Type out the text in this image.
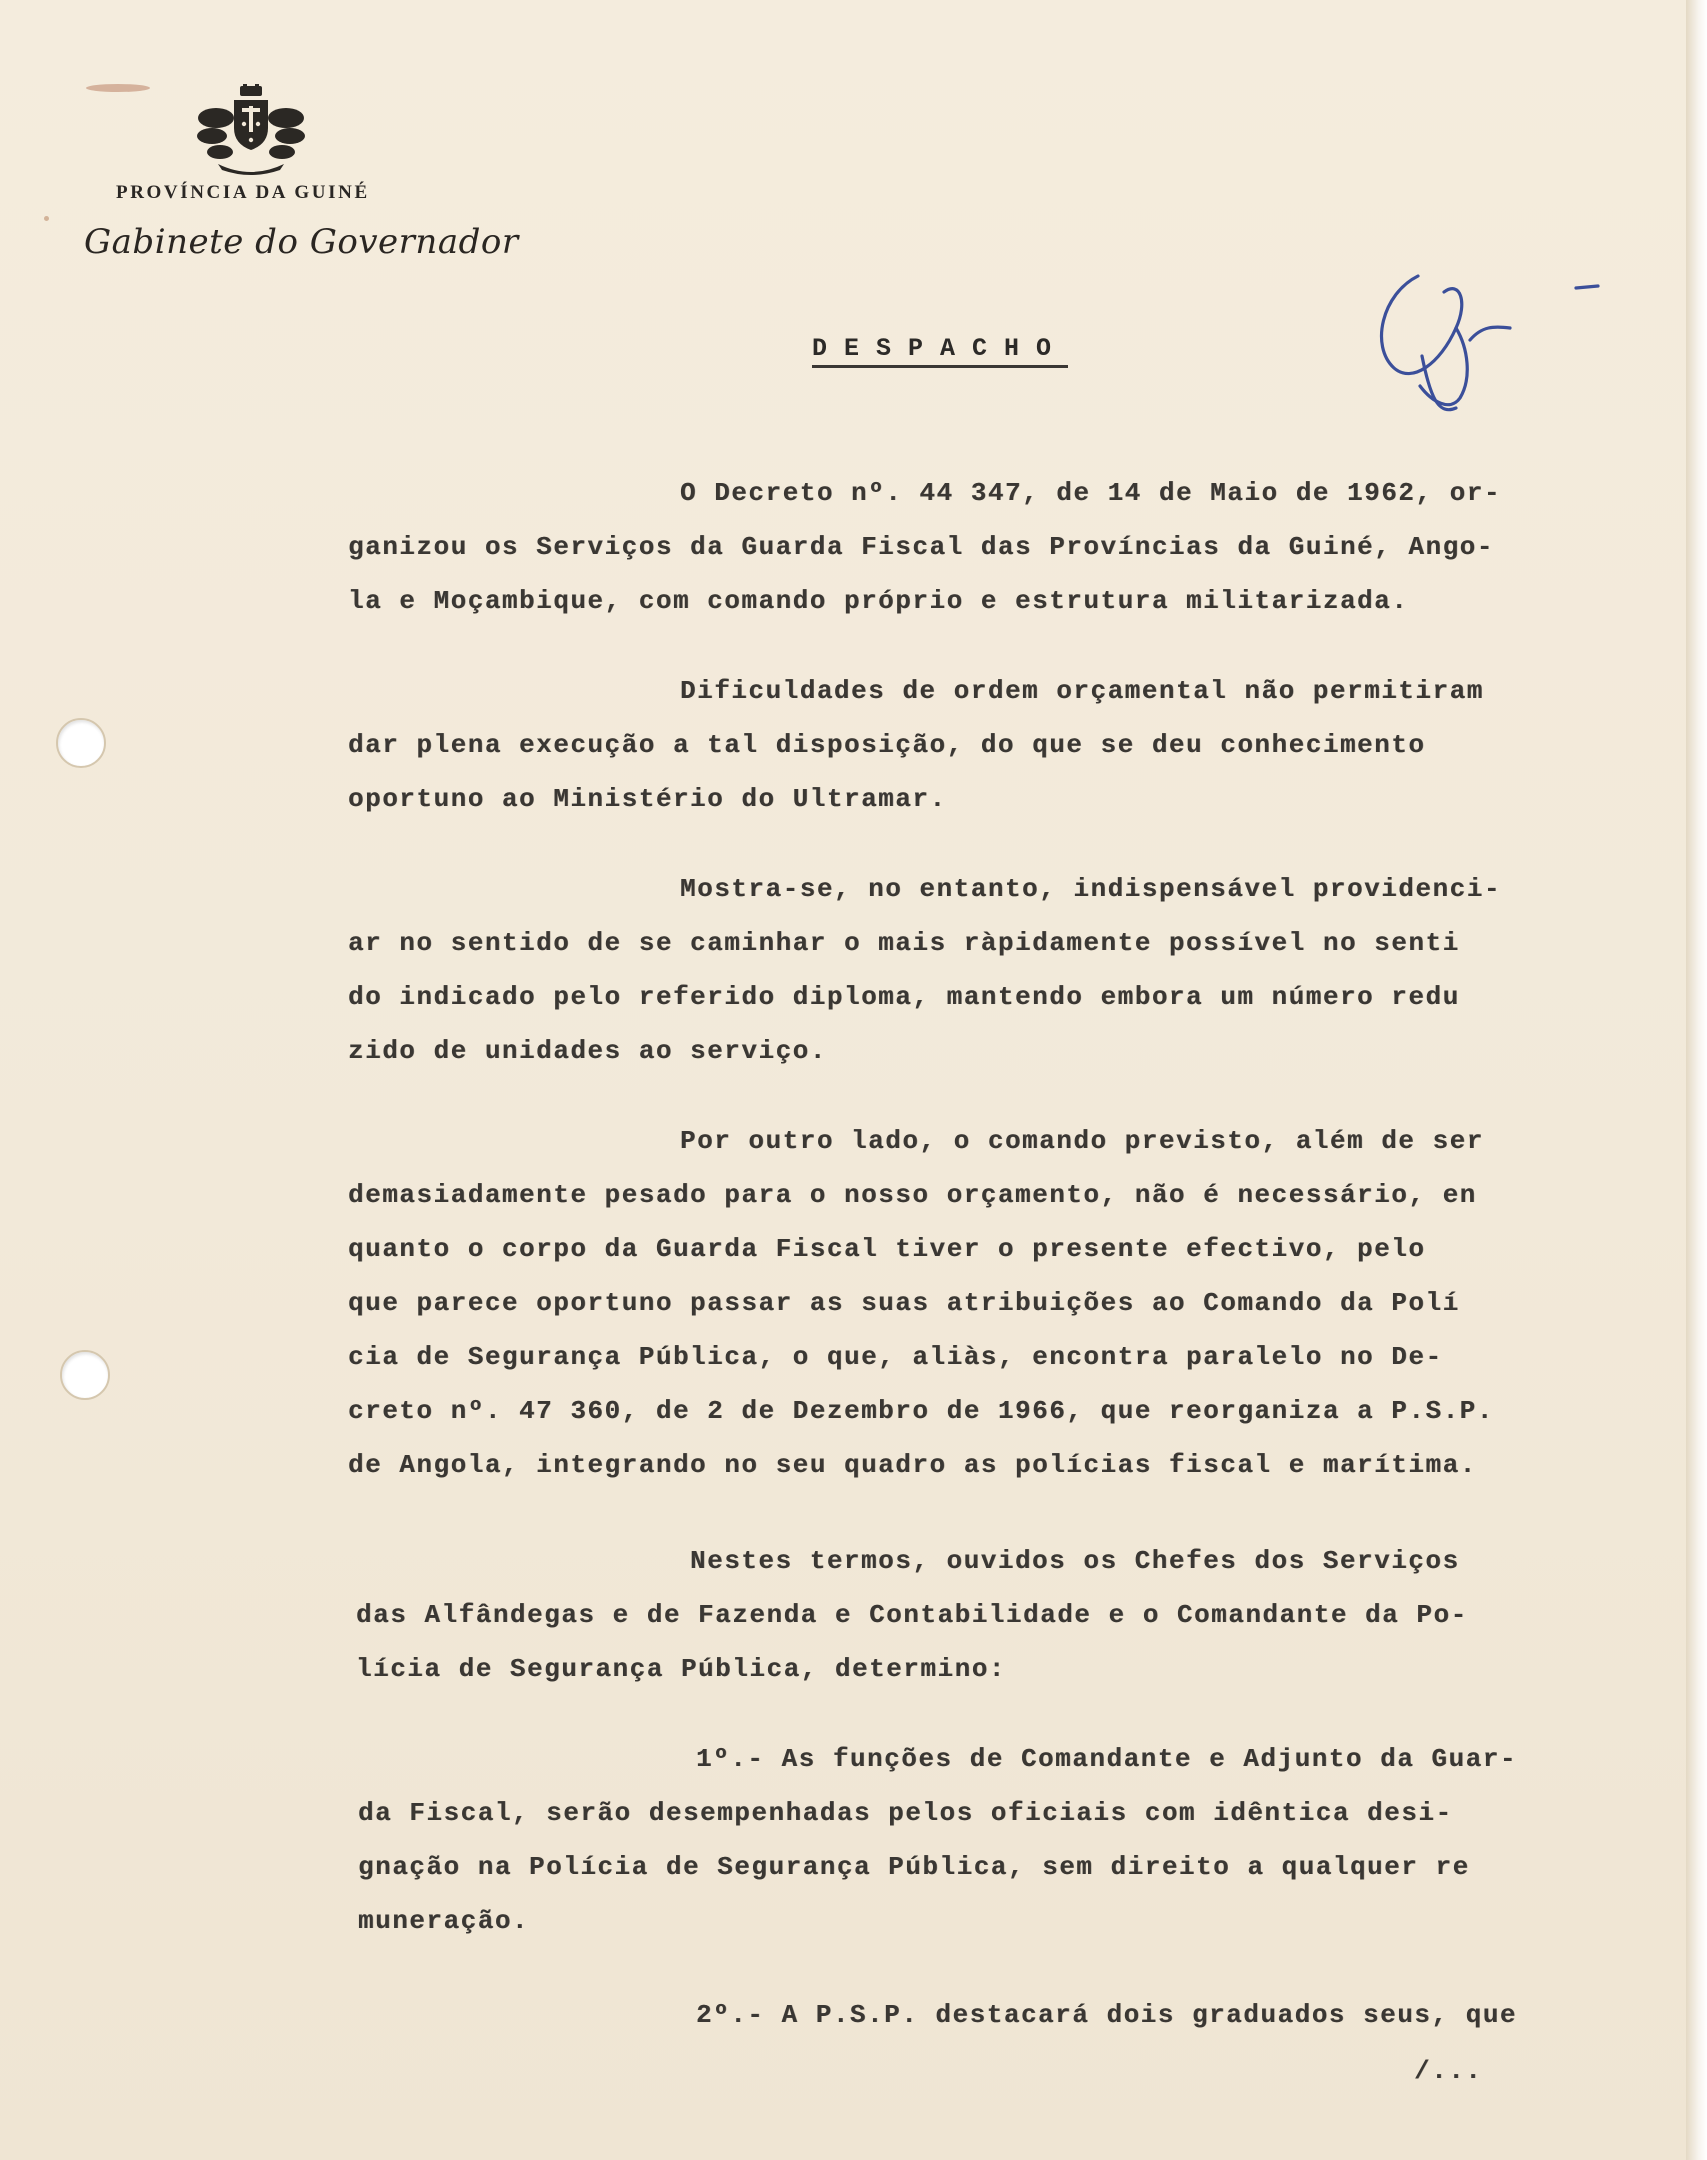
PROVÍNCIA DA GUINÉ
Gabinete do Governador
DESPACHO
O Decreto nº. 44 347, de 14 de Maio de 1962, or-
ganizou os Serviços da Guarda Fiscal das Províncias da Guiné, Ango-
la e Moçambique, com comando próprio e estrutura militarizada.
Dificuldades de ordem orçamental não permitiram
dar plena execução a tal disposição, do que se deu conhecimento
oportuno ao Ministério do Ultramar.
Mostra-se, no entanto, indispensável providenci-
ar no sentido de se caminhar o mais ràpidamente possível no senti
do indicado pelo referido diploma, mantendo embora um número redu
zido de unidades ao serviço.
Por outro lado, o comando previsto, além de ser
demasiadamente pesado para o nosso orçamento, não é necessário, en
quanto o corpo da Guarda Fiscal tiver o presente efectivo, pelo
que parece oportuno passar as suas atribuições ao Comando da Polí
cia de Segurança Pública, o que, aliàs, encontra paralelo no De-
creto nº. 47 360, de 2 de Dezembro de 1966, que reorganiza a P.S.P.
de Angola, integrando no seu quadro as polícias fiscal e marítima.
Nestes termos, ouvidos os Chefes dos Serviços
das Alfândegas e de Fazenda e Contabilidade e o Comandante da Po-
lícia de Segurança Pública, determino:
1º.- As funções de Comandante e Adjunto da Guar-
da Fiscal, serão desempenhadas pelos oficiais com idêntica desi-
gnação na Polícia de Segurança Pública, sem direito a qualquer re
muneração.
2º.- A P.S.P. destacará dois graduados seus, que
/...
